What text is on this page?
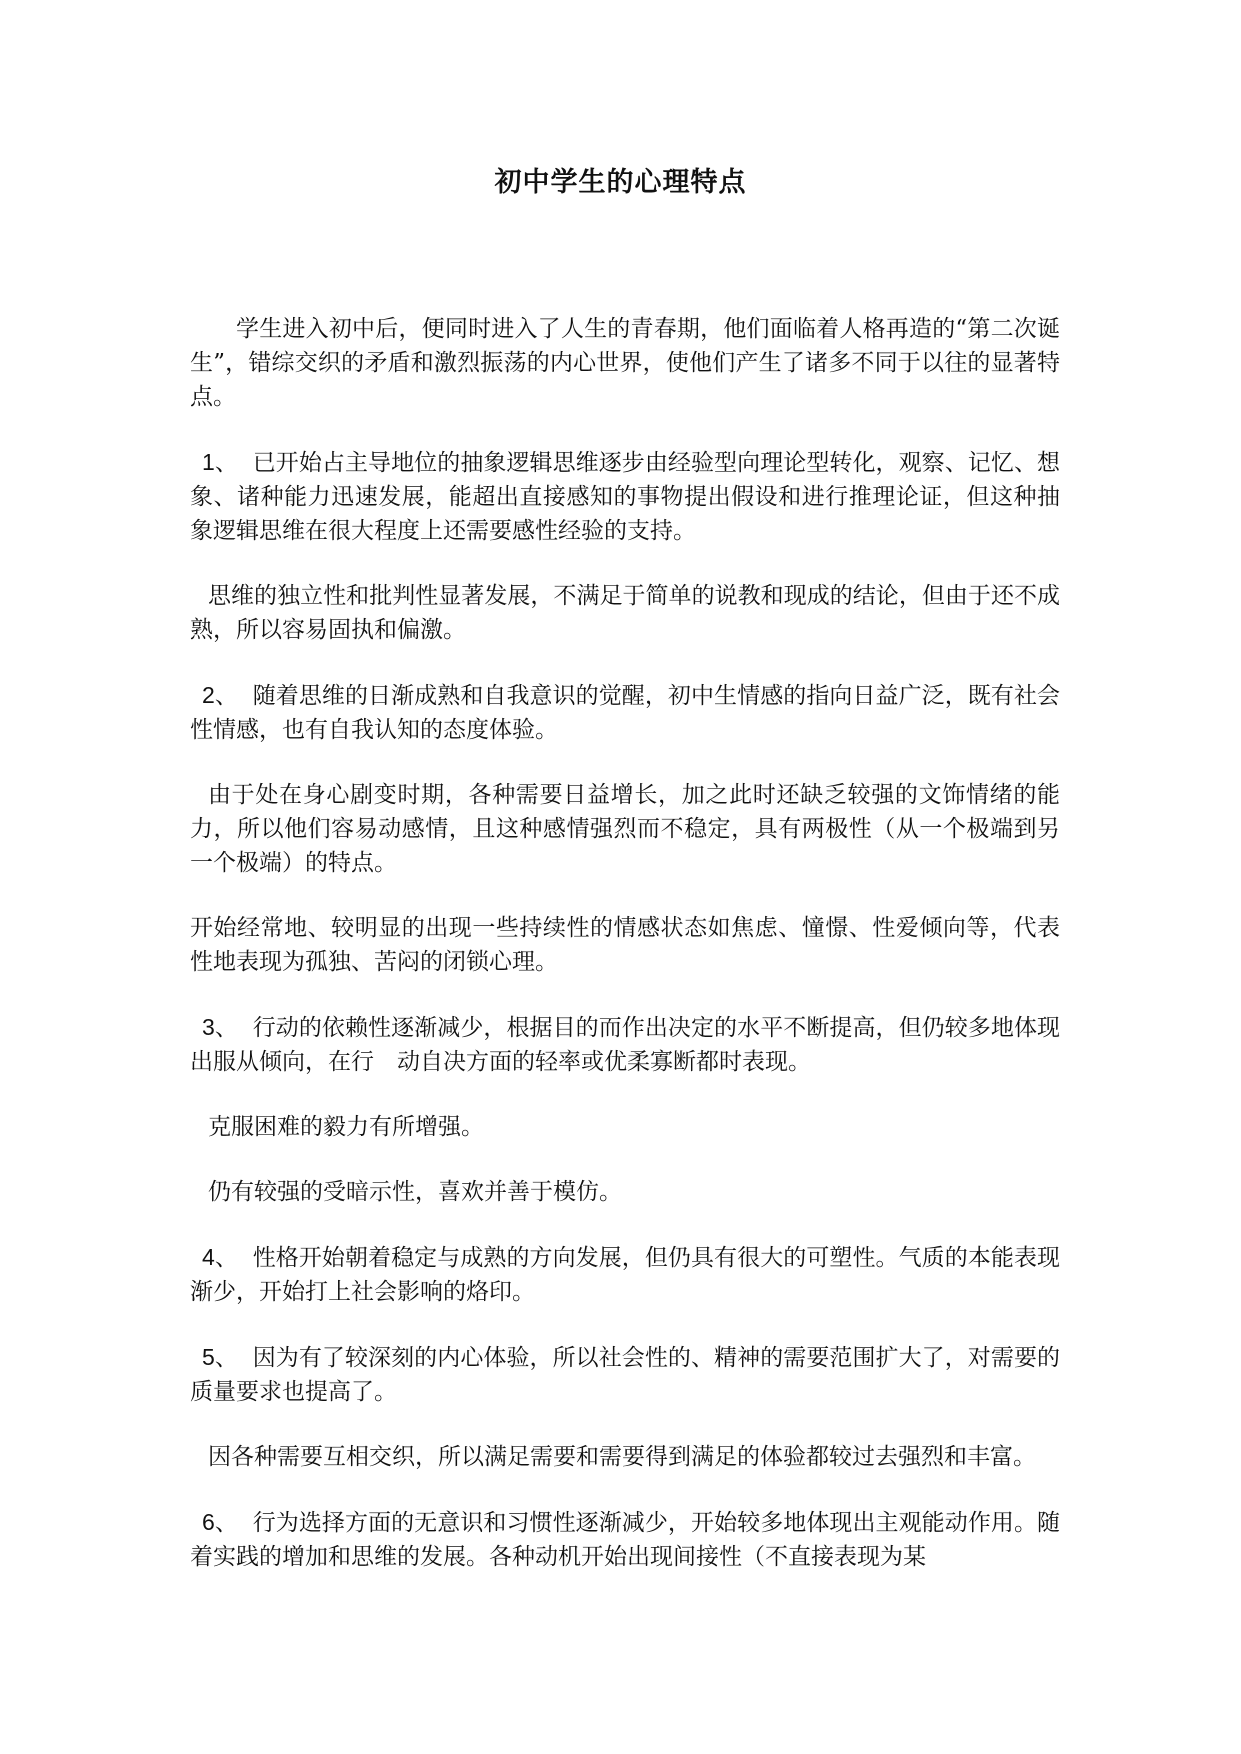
初中学生的心理特点

学生进入初中后，便同时进入了人生的青春期，他们面临着人格再造的“第二次诞生”，错综交织的矛盾和激烈振荡的内心世界，使他们产生了诸多不同于以往的显著特点。

1、 已开始占主导地位的抽象逻辑思维逐步由经验型向理论型转化，观察、记忆、想象、诸种能力迅速发展，能超出直接感知的事物提出假设和进行推理论证，但这种抽象逻辑思维在很大程度上还需要感性经验的支持。

思维的独立性和批判性显著发展，不满足于简单的说教和现成的结论，但由于还不成熟，所以容易固执和偏激。

2、 随着思维的日渐成熟和自我意识的觉醒，初中生情感的指向日益广泛，既有社会性情感，也有自我认知的态度体验。

由于处在身心剧变时期，各种需要日益增长，加之此时还缺乏较强的文饰情绪的能力，所以他们容易动感情，且这种感情强烈而不稳定，具有两极性（从一个极端到另一个极端）的特点。

开始经常地、较明显的出现一些持续性的情感状态如焦虑、憧憬、性爱倾向等，代表性地表现为孤独、苦闷的闭锁心理。

3、 行动的依赖性逐渐减少，根据目的而作出决定的水平不断提高，但仍较多地体现出服从倾向，在行　动自决方面的轻率或优柔寡断都时表现。

克服困难的毅力有所增强。

仍有较强的受暗示性，喜欢并善于模仿。

4、 性格开始朝着稳定与成熟的方向发展，但仍具有很大的可塑性。气质的本能表现渐少，开始打上社会影响的烙印。

5、 因为有了较深刻的内心体验，所以社会性的、精神的需要范围扩大了，对需要的质量要求也提高了。

因各种需要互相交织，所以满足需要和需要得到满足的体验都较过去强烈和丰富。

6、 行为选择方面的无意识和习惯性逐渐减少，开始较多地体现出主观能动作用。随着实践的增加和思维的发展。各种动机开始出现间接性（不直接表现为某
